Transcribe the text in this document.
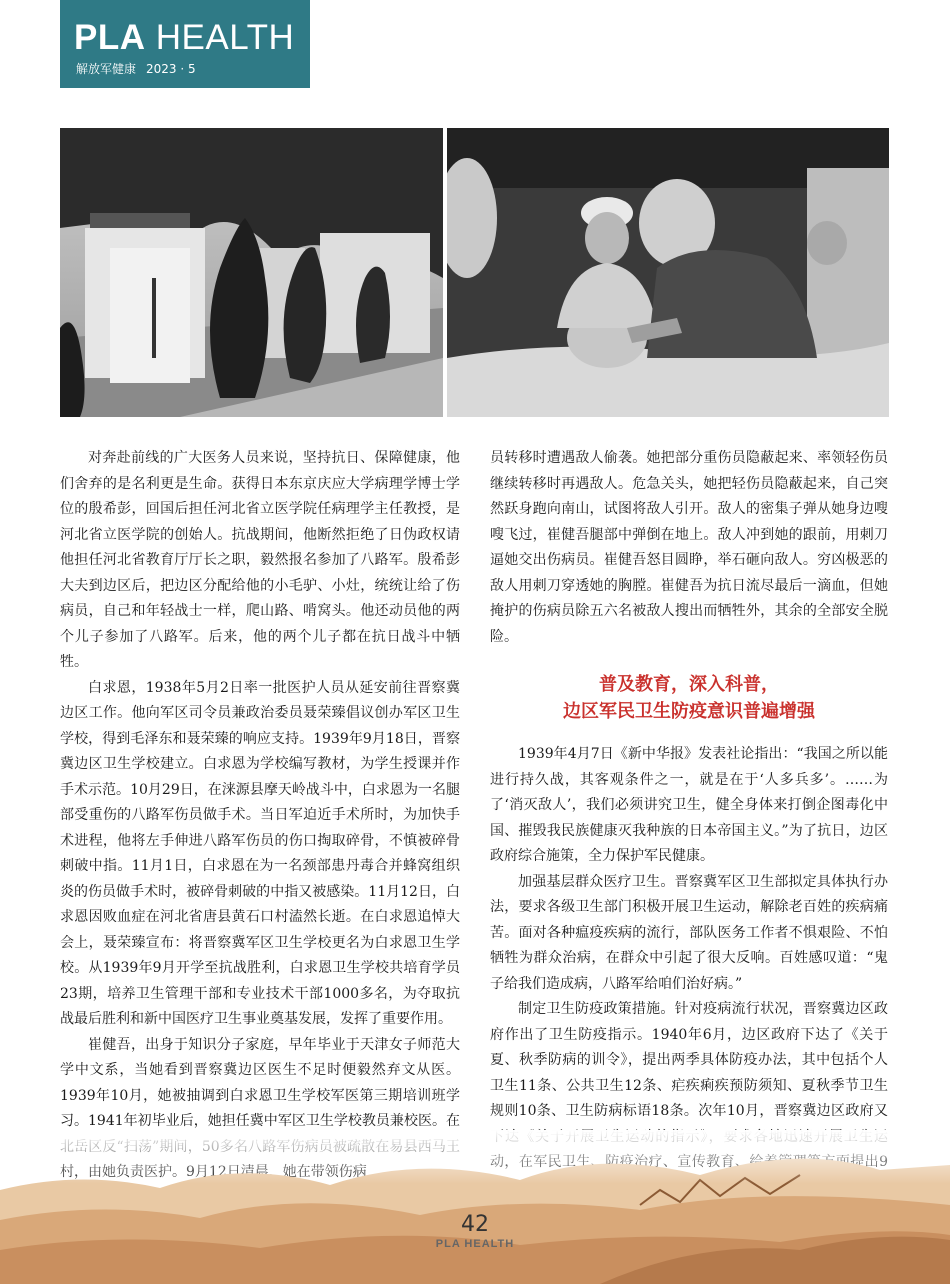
PLA HEALTH
解放军健康 2023 · 5

对奔赴前线的广大医务人员来说，坚持抗日、保障健康，他们舍弃的是名利更是生命。获得日本东京庆应大学病理学博士学位的殷希彭，回国后担任河北省立医学院任病理学主任教授，是河北省立医学院的创始人。抗战期间，他断然拒绝了日伪政权请他担任河北省教育厅厅长之职，毅然报名参加了八路军。殷希彭大夫到边区后，把边区分配给他的小毛驴、小灶，统统让给了伤病员，自己和年轻战士一样，爬山路、啃窝头。他还动员他的两个儿子参加了八路军。后来，他的两个儿子都在抗日战斗中牺牲。

白求恩，1938年5月2日率一批医护人员从延安前往晋察冀边区工作。他向军区司令员兼政治委员聂荣臻倡议创办军区卫生学校，得到毛泽东和聂荣臻的响应支持。1939年9月18日，晋察冀边区卫生学校建立。白求恩为学校编写教材，为学生授课并作手术示范。10月29日，在涞源县摩天岭战斗中，白求恩为一名腿部受重伤的八路军伤员做手术。当日军迫近手术所时，为加快手术进程，他将左手伸进八路军伤员的伤口掏取碎骨，不慎被碎骨刺破中指。11月1日，白求恩在为一名颈部患丹毒合并蜂窝组织炎的伤员做手术时，被碎骨刺破的中指又被感染。11月12日，白求恩因败血症在河北省唐县黄石口村溘然长逝。在白求恩追悼大会上，聂荣臻宣布：将晋察冀军区卫生学校更名为白求恩卫生学校。从1939年9月开学至抗战胜利，白求恩卫生学校共培育学员23期，培养卫生管理干部和专业技术干部1000多名，为夺取抗战最后胜利和新中国医疗卫生事业奠基发展，发挥了重要作用。

崔健吾，出身于知识分子家庭，早年毕业于天津女子师范大学中文系，当她看到晋察冀边区医生不足时便毅然弃文从医。1939年10月，她被抽调到白求恩卫生学校军医第三期培训班学习。1941年初毕业后，她担任冀中军区卫生学校教员兼校医。在

员转移时遭遇敌人偷袭。她把部分重伤员隐蔽起来、率领轻伤员继续转移时再遇敌人。危急关头，她把轻伤员隐蔽起来，自己突然跃身跑向南山，试图将敌人引开。敌人的密集子弹从她身边嗖嗖飞过，崔健吾腿部中弹倒在地上。敌人冲到她的跟前，用刺刀逼她交出伤病员。崔健吾怒目圆睁，举石砸向敌人。穷凶极恶的敌人用刺刀穿透她的胸膛。崔健吾为抗日流尽最后一滴血，但她掩护的伤病员除五六名被敌人搜出而牺牲外，其余的全部安全脱险。

普及教育，深入科普，
边区军民卫生防疫意识普遍增强

1939年4月7日《新中华报》发表社论指出：“我国之所以能进行持久战，其客观条件之一，就是在于‘人多兵多’。……为了‘消灭敌人’，我们必须讲究卫生，健全身体来打倒企图毒化中国、摧毁我民族健康灭我种族的日本帝国主义。”为了抗日，边区政府综合施策，全力保护军民健康。

加强基层群众医疗卫生。晋察冀军区卫生部拟定具体执行办法，要求各级卫生部门积极开展卫生运动，解除老百姓的疾病痛苦。面对各种瘟疫疾病的流行，部队医务工作者不惧艰险、不怕牺牲为群众治病，在群众中引起了很大反响。百姓感叹道：“鬼子给我们造成病，八路军给咱们治好病。”

制定卫生防疫政策措施。针对疫病流行状况，晋察冀边区政府作出了卫生防疫指示。1940年6月，边区政府下达了《关于夏、秋季防病的训令》，提出两季具体防疫办法，其中包括个人卫生11条、公共卫生12条、疟疾痢疾预防须知、夏秋季节卫生规则10条、卫生防病标语18条。次年10月，晋察冀边区政府又

42
PLA HEALTH
